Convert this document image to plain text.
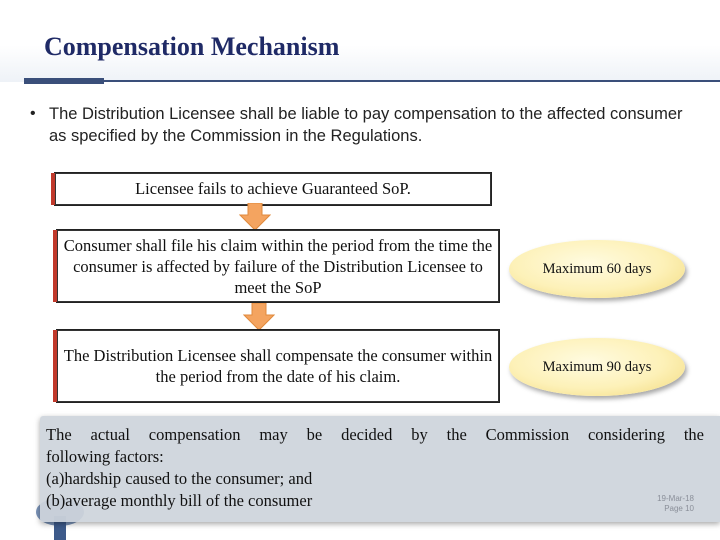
Compensation Mechanism
• The Distribution Licensee shall be liable to pay compensation to the affected consumer as specified by the Commission in the Regulations.
Licensee fails to achieve Guaranteed SoP.
Consumer shall file his claim within the period from the time the consumer is affected by failure of the Distribution Licensee to meet the SoP
The Distribution Licensee shall compensate the consumer within the period from the date of his claim.
Maximum 60 days
Maximum 90 days
The actual compensation may be decided by the Commission considering the
following factors:
(a)hardship caused to the consumer; and
(b)average monthly bill of the consumer	19-Mar-18
Page 10
